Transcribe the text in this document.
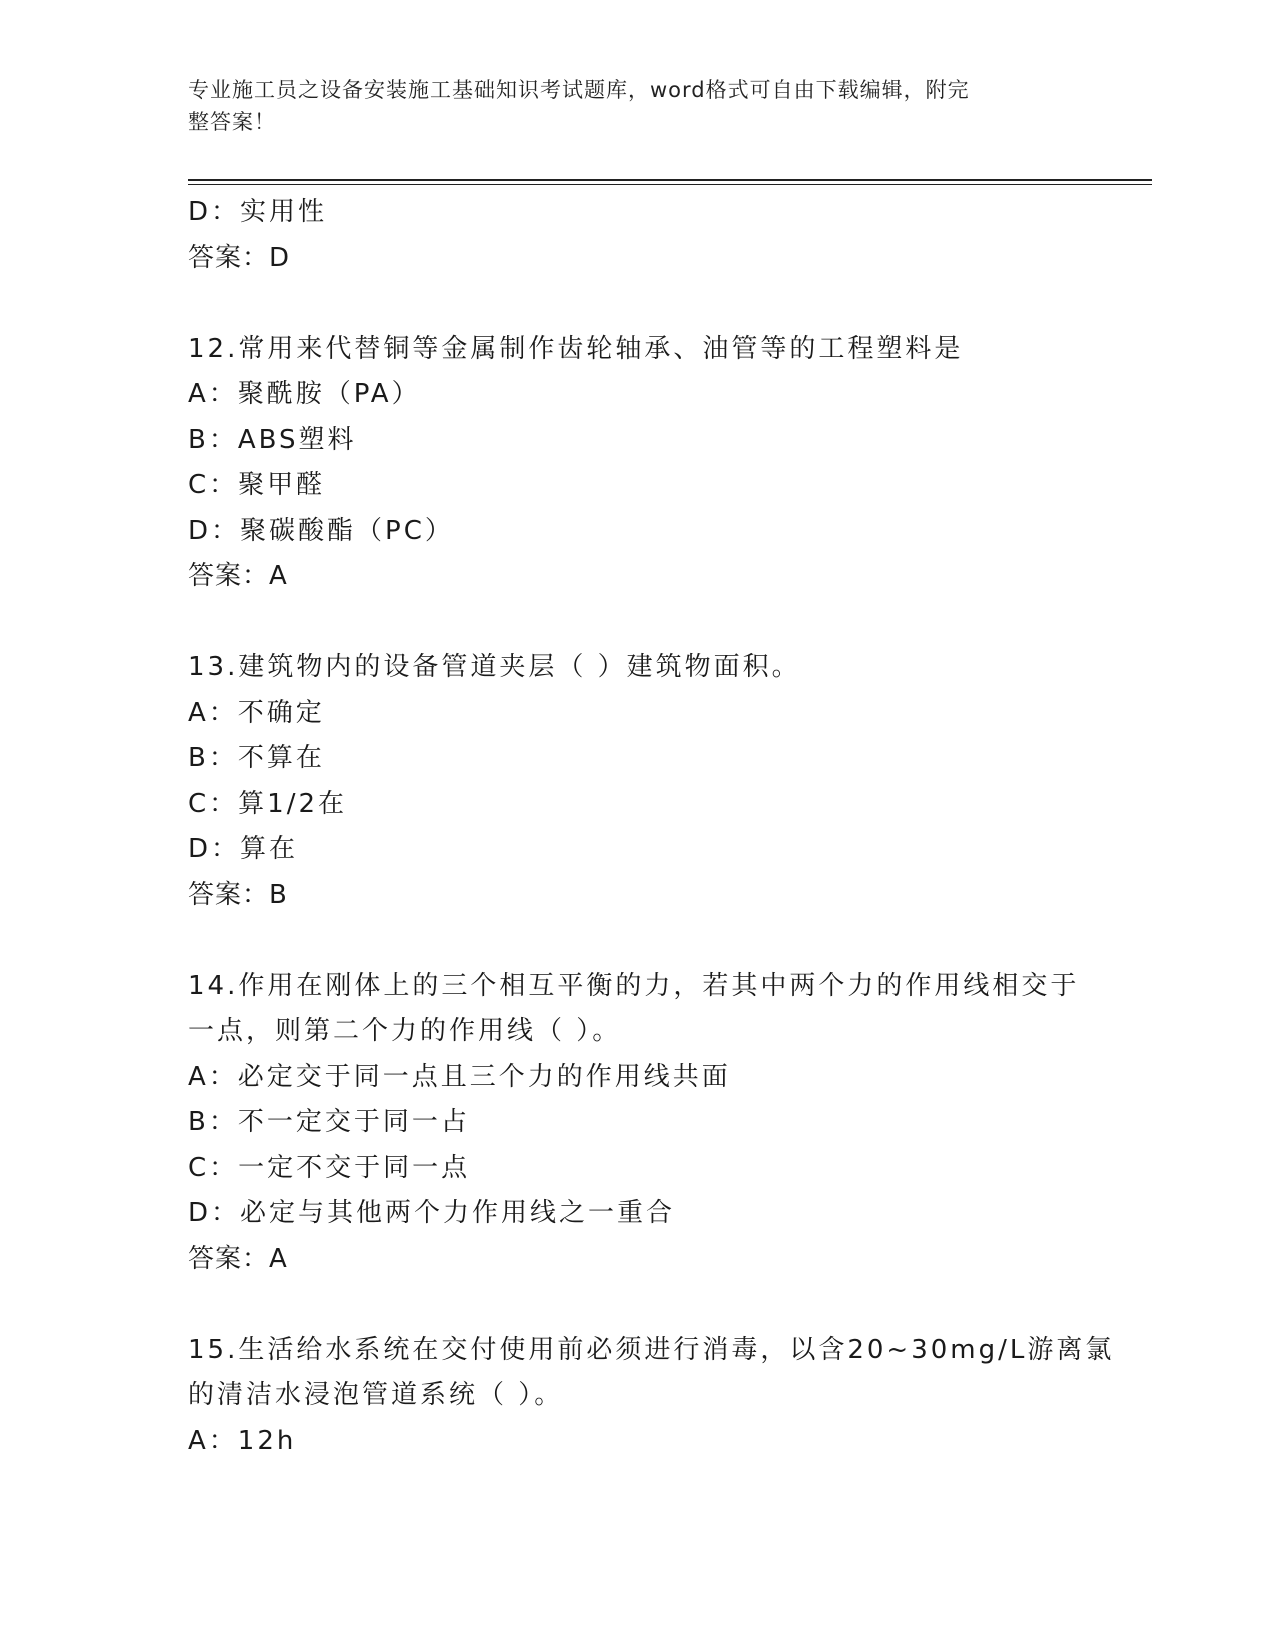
专业施工员之设备安装施工基础知识考试题库，word格式可自由下载编辑，附完
整答案！
D：实用性
答案：D
12.常用来代替铜等金属制作齿轮轴承、油管等的工程塑料是
A：聚酰胺（PA）
B：ABS塑料
C：聚甲醛
D：聚碳酸酯（PC）
答案：A
13.建筑物内的设备管道夹层（ ）建筑物面积。
A：不确定
B：不算在
C：算1/2在
D：算在
答案：B
14.作用在刚体上的三个相互平衡的力，若其中两个力的作用线相交于
一点，则第二个力的作用线（ ）。
A：必定交于同一点且三个力的作用线共面
B：不一定交于同一占
C：一定不交于同一点
D：必定与其他两个力作用线之一重合
答案：A
15.生活给水系统在交付使用前必须进行消毒，以含20~30mg/L游离氯
的清洁水浸泡管道系统（ ）。
A：12h
